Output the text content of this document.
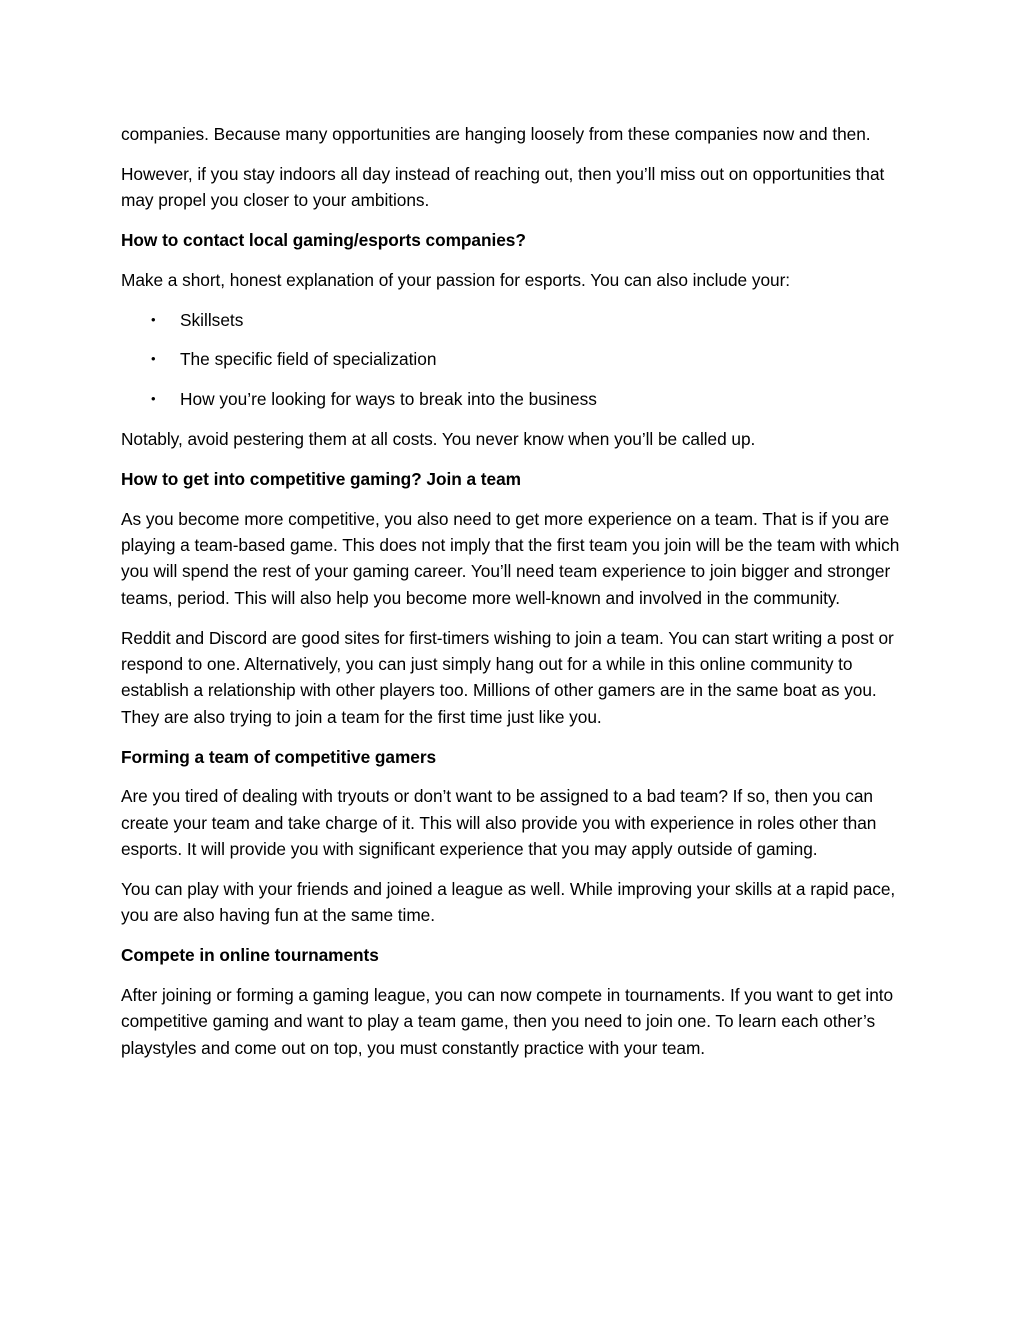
companies. Because many opportunities are hanging loosely from these companies now and then.

However, if you stay indoors all day instead of reaching out, then you’ll miss out on opportunities that may propel you closer to your ambitions.

How to contact local gaming/esports companies?

Make a short, honest explanation of your passion for esports. You can also include your:

• Skillsets
• The specific field of specialization
• How you’re looking for ways to break into the business

Notably, avoid pestering them at all costs. You never know when you’ll be called up.

How to get into competitive gaming? Join a team

As you become more competitive, you also need to get more experience on a team. That is if you are playing a team-based game. This does not imply that the first team you join will be the team with which you will spend the rest of your gaming career. You’ll need team experience to join bigger and stronger teams, period. This will also help you become more well-known and involved in the community.

Reddit and Discord are good sites for first-timers wishing to join a team. You can start writing a post or respond to one. Alternatively, you can just simply hang out for a while in this online community to establish a relationship with other players too. Millions of other gamers are in the same boat as you. They are also trying to join a team for the first time just like you.

Forming a team of competitive gamers

Are you tired of dealing with tryouts or don’t want to be assigned to a bad team? If so, then you can create your team and take charge of it. This will also provide you with experience in roles other than esports. It will provide you with significant experience that you may apply outside of gaming.

You can play with your friends and joined a league as well. While improving your skills at a rapid pace, you are also having fun at the same time.

Compete in online tournaments

After joining or forming a gaming league, you can now compete in tournaments. If you want to get into competitive gaming and want to play a team game, then you need to join one. To learn each other’s playstyles and come out on top, you must constantly practice with your team.
